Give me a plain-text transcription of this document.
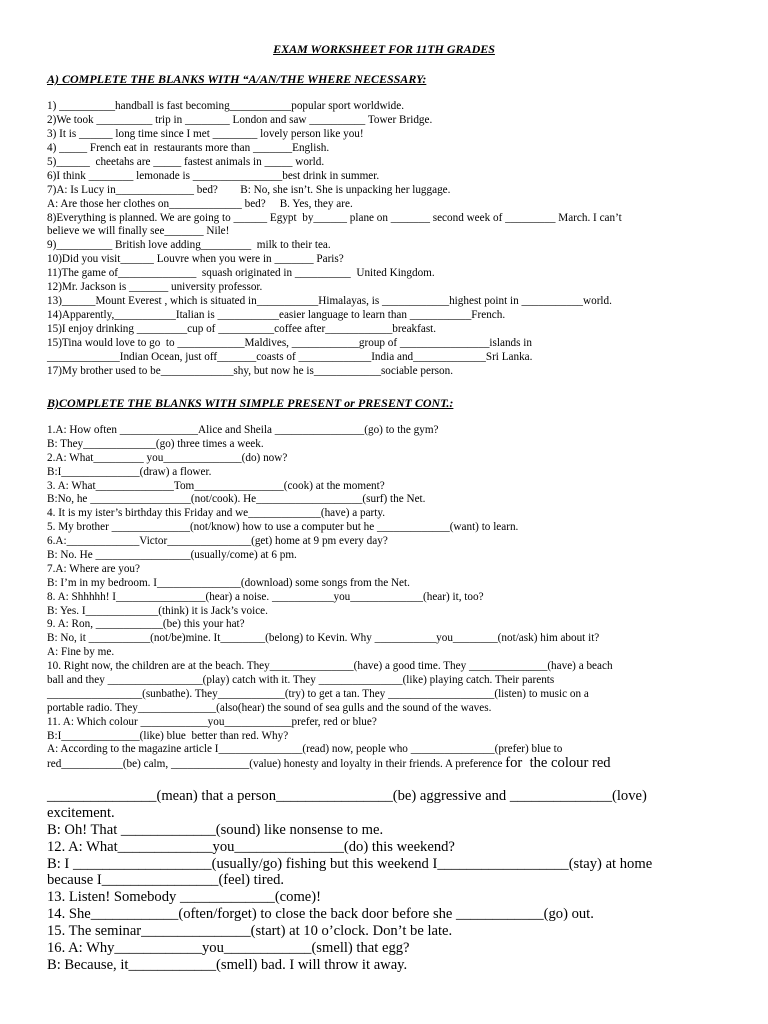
EXAM WORKSHEET FOR 11TH GRADES
A) COMPLETE THE BLANKS WITH “A/AN/THE WHERE NECESSARY:
1) __________handball is fast becoming___________popular sport worldwide.
2)We took __________ trip in ________ London and saw __________ Tower Bridge.
3) It is ______ long time since I met ________ lovely person like you!
4) _____ French eat in  restaurants more than _______English.
5)______  cheetahs are _____ fastest animals in _____ world.
6)I think ________ lemonade is ________________best drink in summer.
7)A: Is Lucy in______________ bed?        B: No, she isn’t. She is unpacking her luggage.
A: Are those her clothes on_____________ bed?     B. Yes, they are.
8)Everything is planned. We are going to ______ Egypt  by______ plane on _______ second week of _________ March. I can’t
believe we will finally see_______ Nile!
9)__________ British love adding_________  milk to their tea.
10)Did you visit______ Louvre when you were in _______ Paris?
11)The game of______________  squash originated in __________  United Kingdom.
12)Mr. Jackson is _______ university professor.
13)______Mount Everest , which is situated in___________Himalayas, is ____________highest point in ___________world.
14)Apparently,___________Italian is ___________easier language to learn than ___________French.
15)I enjoy drinking _________cup of __________coffee after____________breakfast.
15)Tina would love to go  to ____________Maldives, ____________group of ________________islands in
_____________Indian Ocean, just off_______coasts of _____________India and_____________Sri Lanka.
17)My brother used to be_____________shy, but now he is____________sociable person.
B)COMPLETE THE BLANKS WITH SIMPLE PRESENT or PRESENT CONT.:
1.A: How often ______________Alice and Sheila ________________(go) to the gym?
B: They_____________(go) three times a week.
2.A: What_________ you______________(do) now?
B:I______________(draw) a flower.
3. A: What______________Tom________________(cook) at the moment?
B:No, he __________________(not/cook). He___________________(surf) the Net.
4. It is my ister’s birthday this Friday and we_____________(have) a party.
5. My brother ______________(not/know) how to use a computer but he _____________(want) to learn.
6.A:_____________Victor_______________(get) home at 9 pm every day?
B: No. He _________________(usually/come) at 6 pm.
7.A: Where are you?
B: I’m in my bedroom. I_______________(download) some songs from the Net.
8. A: Shhhhh! I________________(hear) a noise. ___________you_____________(hear) it, too?
B: Yes. I_____________(think) it is Jack’s voice.
9. A: Ron, ____________(be) this your hat?
B: No, it ___________(not/be)mine. It________(belong) to Kevin. Why ___________you________(not/ask) him about it?
A: Fine by me.
10. Right now, the children are at the beach. They_______________(have) a good time. They ______________(have) a beach
ball and they _________________(play) catch with it. They _______________(like) playing catch. Their parents
_________________(sunbathe). They____________(try) to get a tan. They ___________________(listen) to music on a
portable radio. They______________(also(hear) the sound of sea gulls and the sound of the waves.
11. A: Which colour ____________you____________prefer, red or blue?
B:I______________(like) blue  better than red. Why?
A: According to the magazine article I_______________(read) now, people who _______________(prefer) blue to
red___________(be) calm, ______________(value) honesty and loyalty in their friends. A preference for  the colour red
_______________(mean) that a person________________(be) aggressive and ______________(love)
excitement.
B: Oh! That _____________(sound) like nonsense to me.
12. A: What_____________you_______________(do) this weekend?
B: I ___________________(usually/go) fishing but this weekend I__________________(stay) at home
because I________________(feel) tired.
13. Listen! Somebody _____________(come)!
14. She____________(often/forget) to close the back door before she ____________(go) out.
15. The seminar_______________(start) at 10 o’clock. Don’t be late.
16. A: Why____________you____________(smell) that egg?
B: Because, it____________(smell) bad. I will throw it away.
